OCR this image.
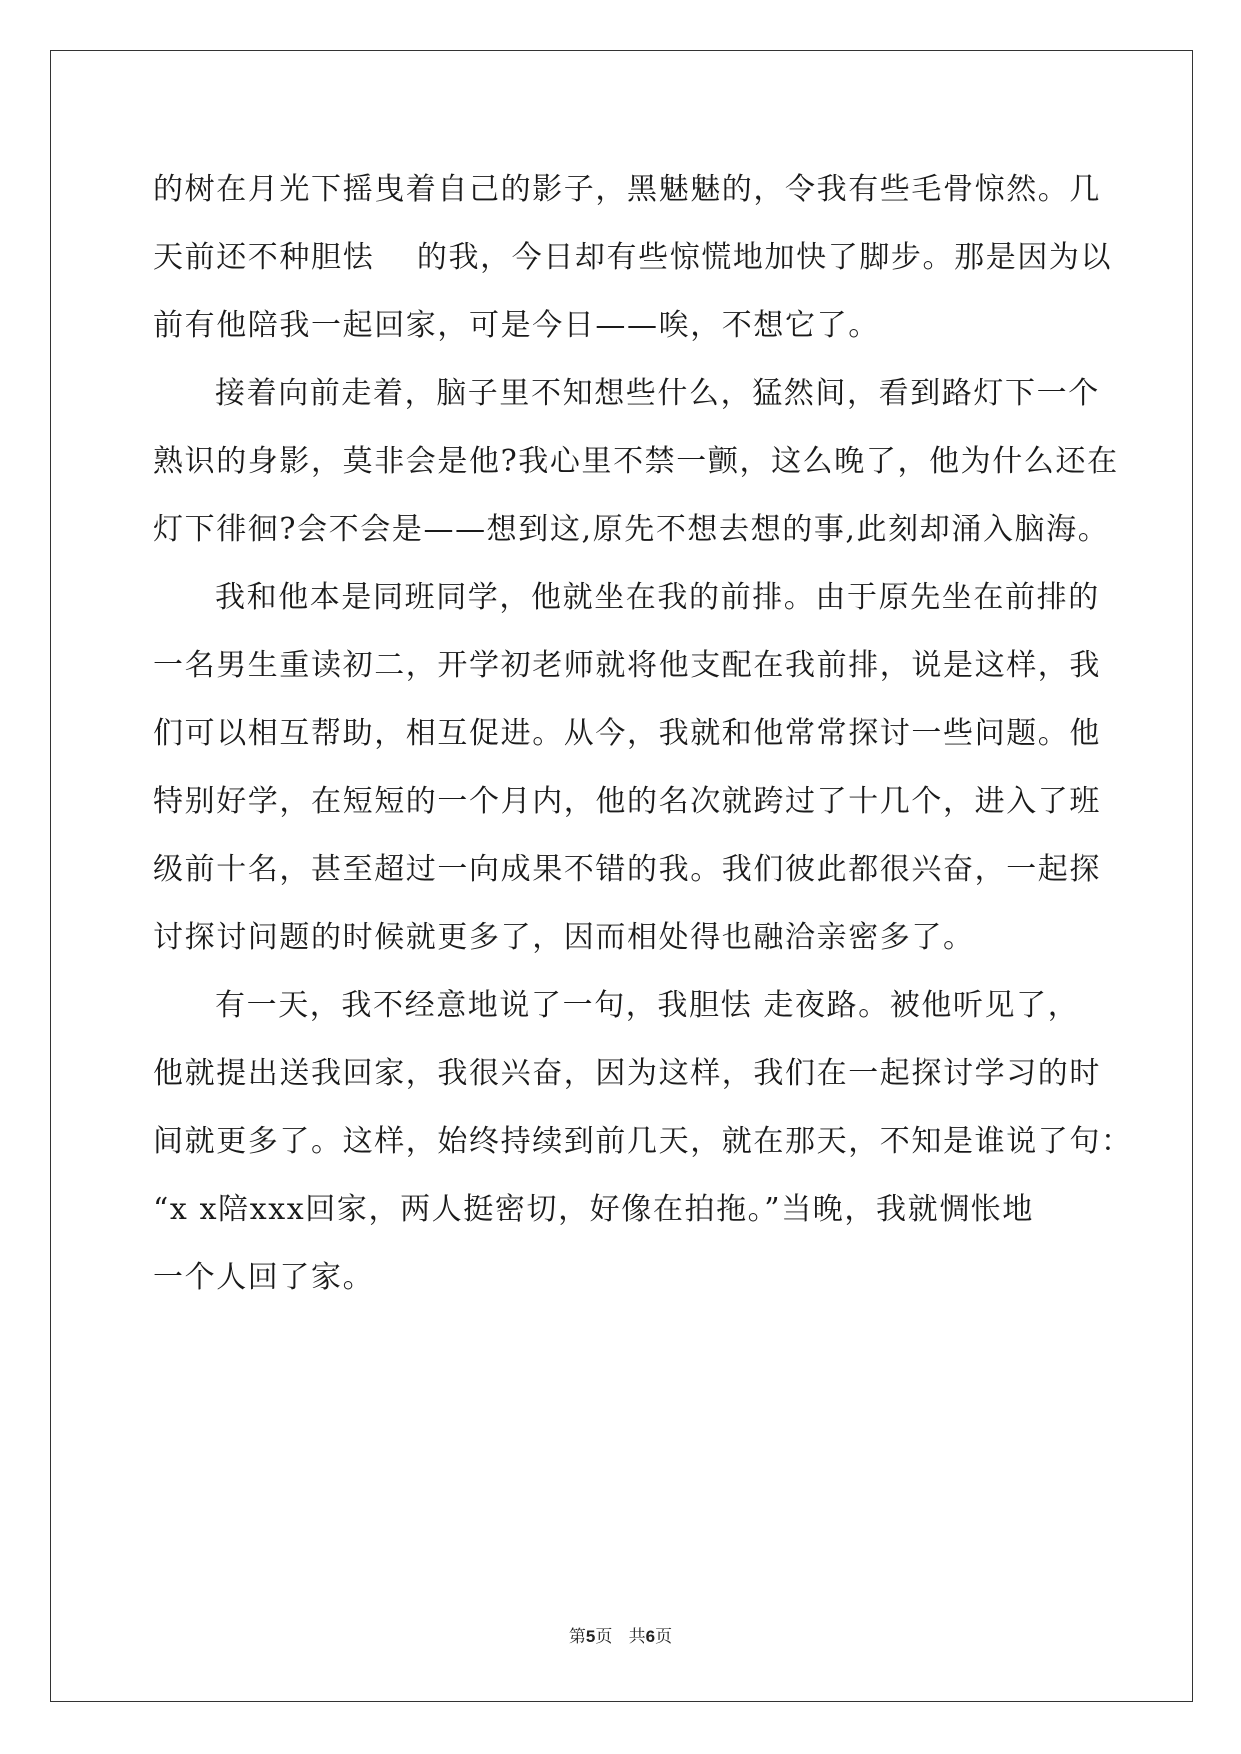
的树在月光下摇曳着自己的影子，黑魅魅的，令我有些毛骨惊然。几
天前还不种胆怯　 的我，今日却有些惊慌地加快了脚步。那是因为以
前有他陪我一起回家，可是今日——唉，不想它了。
接着向前走着，脑子里不知想些什么，猛然间，看到路灯下一个
熟识的身影，莫非会是他?我心里不禁一颤，这么晚了，他为什么还在
灯下徘徊?会不会是——想到这,原先不想去想的事,此刻却涌入脑海。
我和他本是同班同学，他就坐在我的前排。由于原先坐在前排的
一名男生重读初二，开学初老师就将他支配在我前排，说是这样，我
们可以相互帮助，相互促进。从今，我就和他常常探讨一些问题。他
特别好学，在短短的一个月内，他的名次就跨过了十几个，进入了班
级前十名，甚至超过一向成果不错的我。我们彼此都很兴奋，一起探
讨探讨问题的时候就更多了，因而相处得也融洽亲密多了。
有一天，我不经意地说了一句，我胆怯 走夜路。被他听见了，
他就提出送我回家，我很兴奋，因为这样，我们在一起探讨学习的时
间就更多了。这样，始终持续到前几天，就在那天，不知是谁说了句：
“x x陪xxx回家，两人挺密切，好像在拍拖。”当晚，我就惆怅地
一个人回了家。
第5页 共6页
